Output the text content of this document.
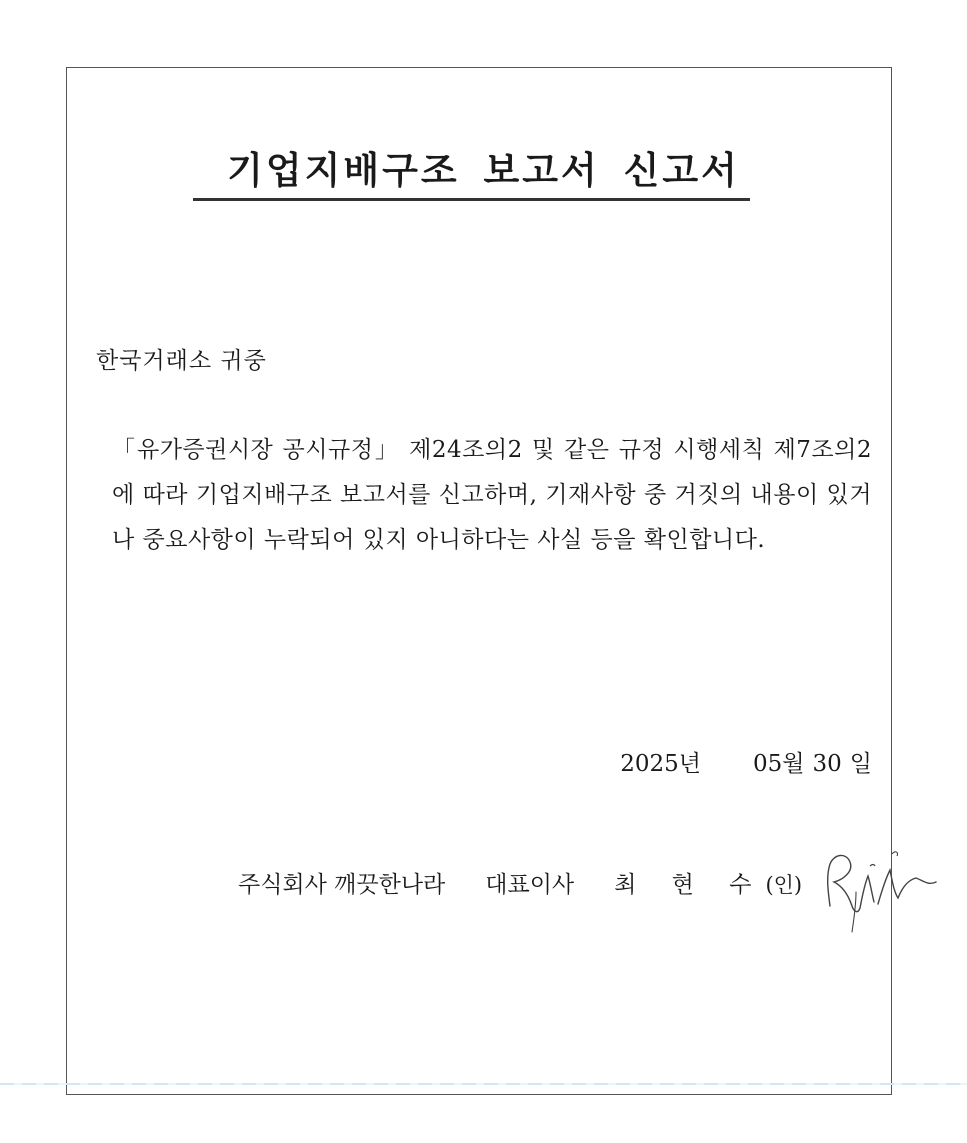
기업지배구조 보고서 신고서

한국거래소 귀중

「유가증권시장 공시규정」 제24조의2 및 같은 규정 시행세칙 제7조의2에 따라 기업지배구조 보고서를 신고하며, 기재사항 중 거짓의 내용이 있거나 중요사항이 누락되어 있지 아니하다는 사실 등을 확인합니다.

2025년 05월 30 일

주식회사 깨끗한나라 대표이사 최 현 수(인)
